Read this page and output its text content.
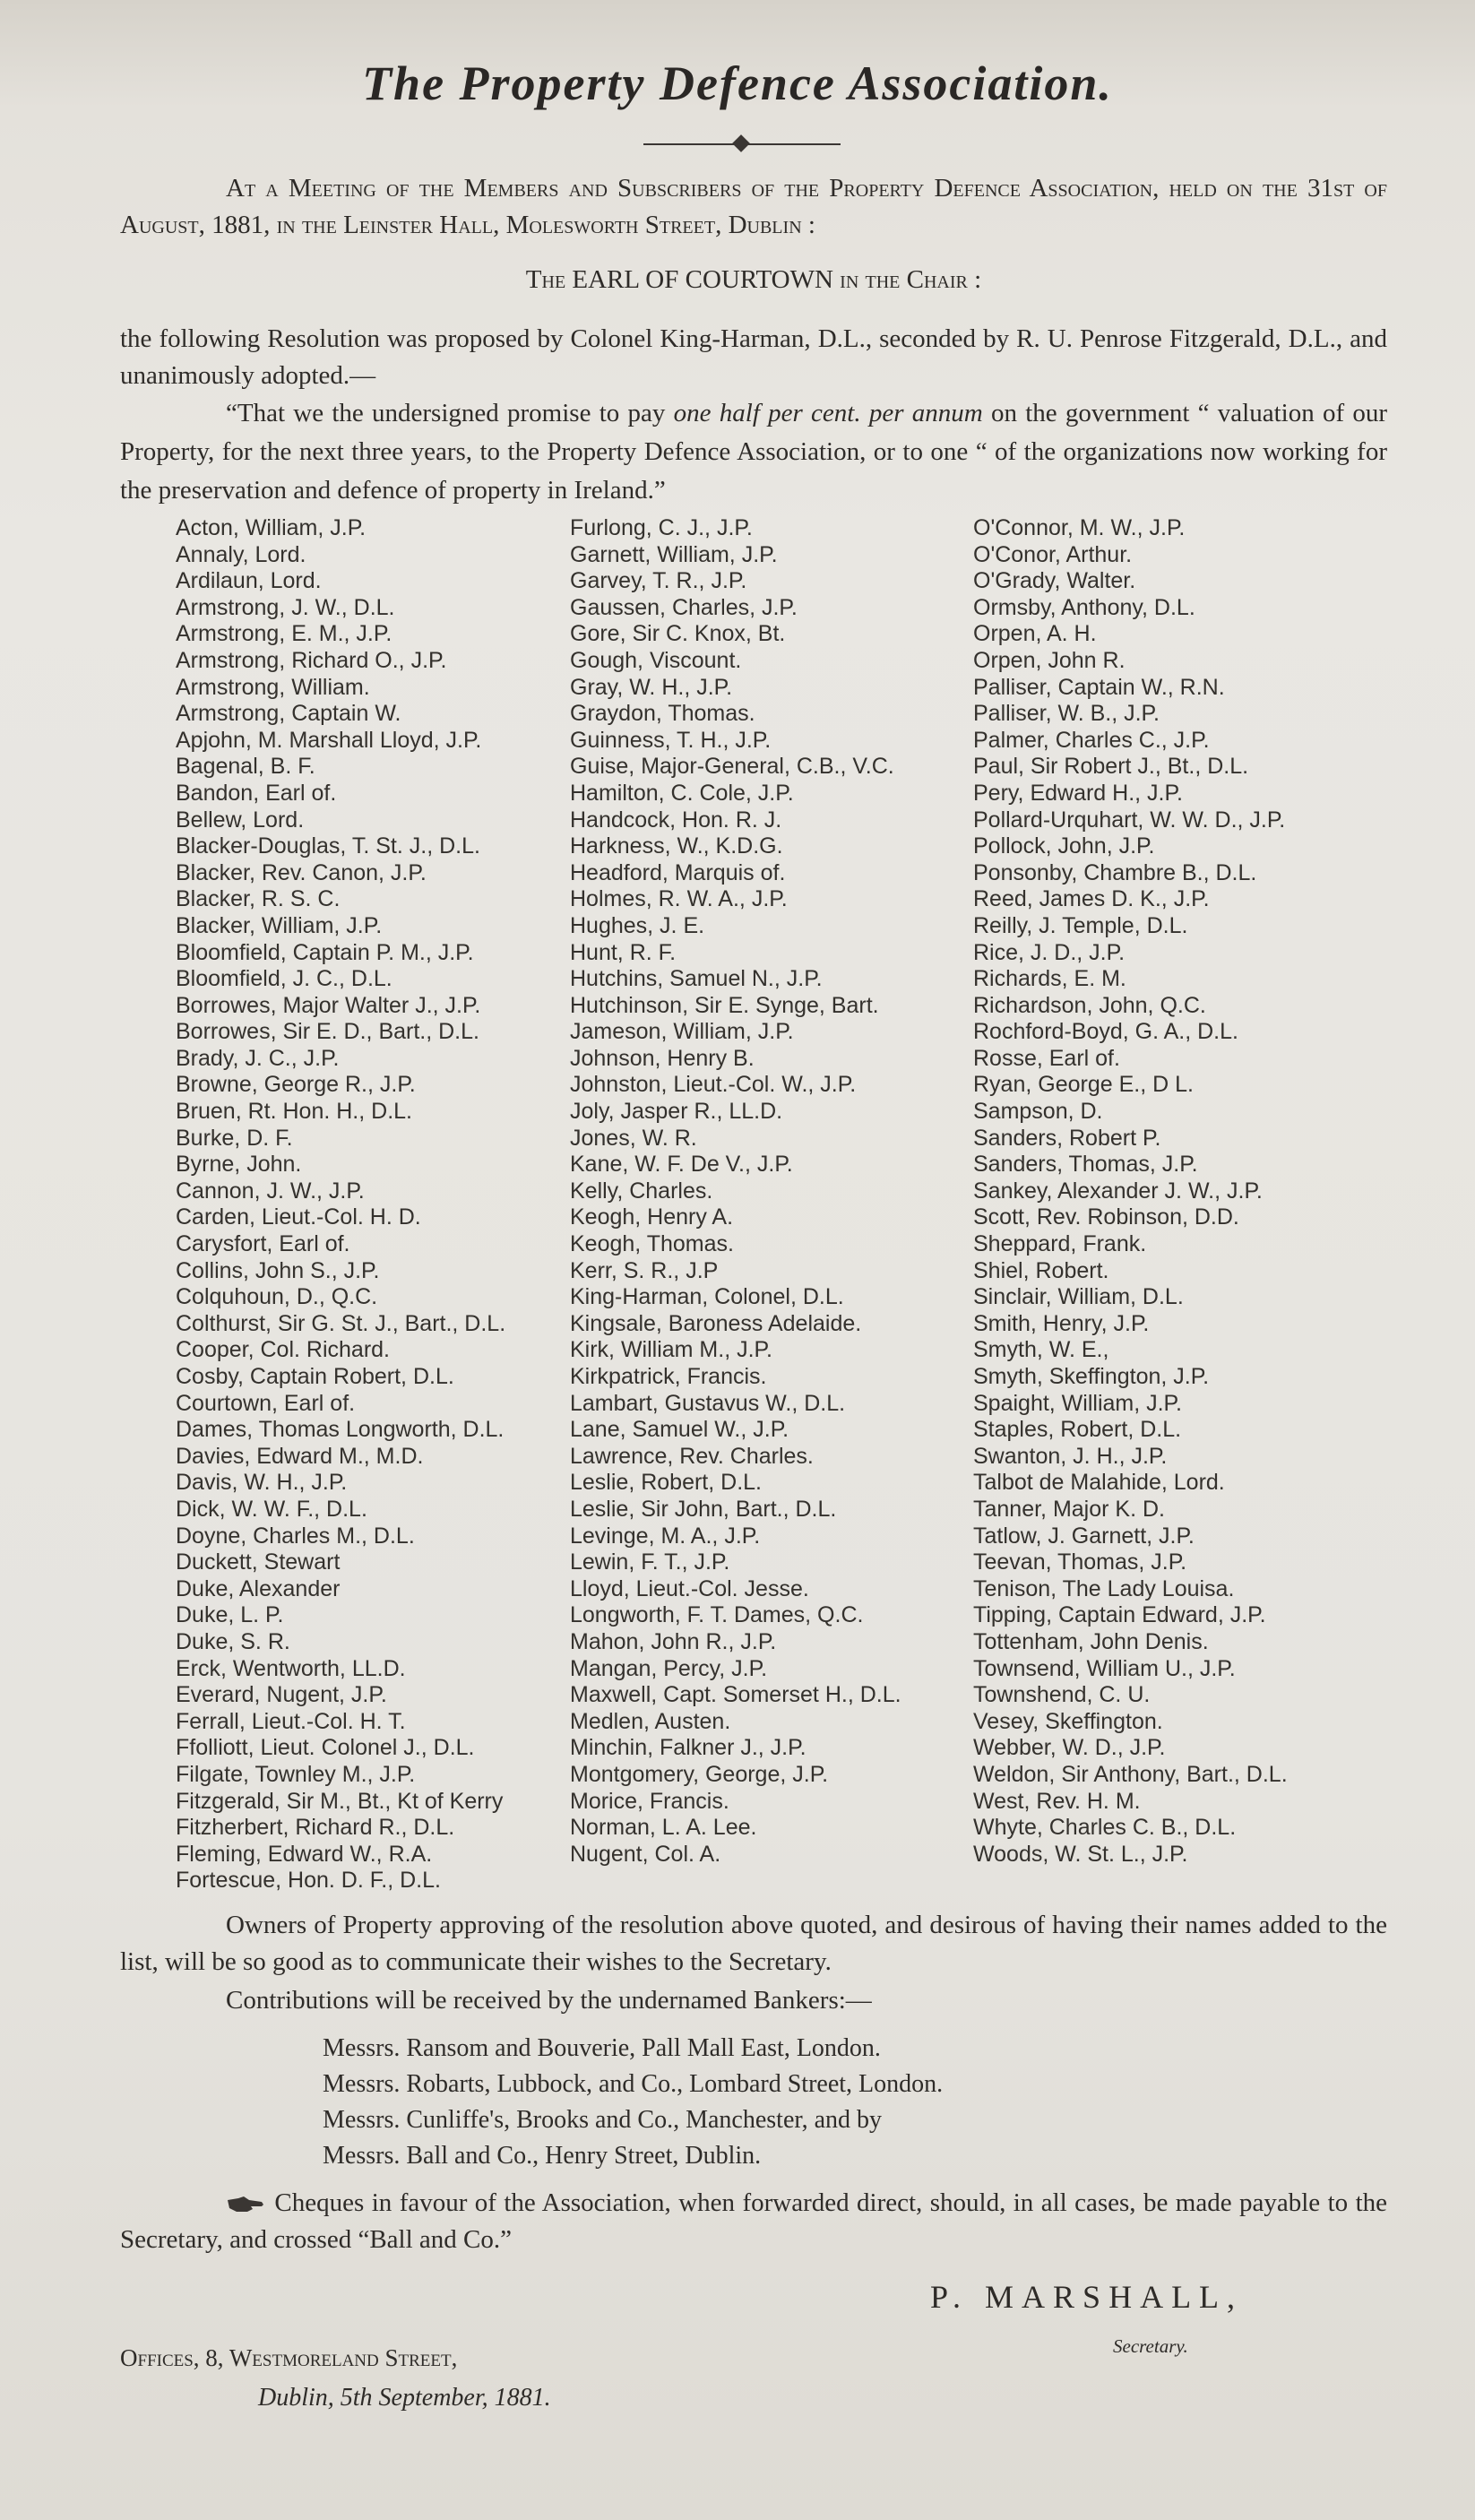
The Property Defence Association.
At a Meeting of the Members and Subscribers of the Property Defence Association, held on the 31st of August, 1881, in the Leinster Hall, Molesworth Street, Dublin :
The EARL OF COURTOWN in the Chair :
the following Resolution was proposed by Colonel King-Harman, D.L., seconded by R. U. Penrose Fitzgerald, D.L., and unanimously adopted.—
“That we the undersigned promise to pay one half per cent. per annum on the government “ valuation of our Property, for the next three years, to the Property Defence Association, or to one “ of the organizations now working for the preservation and defence of property in Ireland.”
Acton, William, J.P.
Annaly, Lord.
Ardilaun, Lord.
Armstrong, J. W., D.L.
Armstrong, E. M., J.P.
Armstrong, Richard O., J.P.
Armstrong, William.
Armstrong, Captain W.
Apjohn, M. Marshall Lloyd, J.P.
Bagenal, B. F.
Bandon, Earl of.
Bellew, Lord.
Blacker-Douglas, T. St. J., D.L.
Blacker, Rev. Canon, J.P.
Blacker, R. S. C.
Blacker, William, J.P.
Bloomfield, Captain P. M., J.P.
Bloomfield, J. C., D.L.
Borrowes, Major Walter J., J.P.
Borrowes, Sir E. D., Bart., D.L.
Brady, J. C., J.P.
Browne, George R., J.P.
Bruen, Rt. Hon. H., D.L.
Burke, D. F.
Byrne, John.
Cannon, J. W., J.P.
Carden, Lieut.-Col. H. D.
Carysfort, Earl of.
Collins, John S., J.P.
Colquhoun, D., Q.C.
Colthurst, Sir G. St. J., Bart., D.L.
Cooper, Col. Richard.
Cosby, Captain Robert, D.L.
Courtown, Earl of.
Dames, Thomas Longworth, D.L.
Davies, Edward M., M.D.
Davis, W. H., J.P.
Dick, W. W. F., D.L.
Doyne, Charles M., D.L.
Duckett, Stewart
Duke, Alexander
Duke, L. P.
Duke, S. R.
Erck, Wentworth, LL.D.
Everard, Nugent, J.P.
Ferrall, Lieut.-Col. H. T.
Ffolliott, Lieut. Colonel J., D.L.
Filgate, Townley M., J.P.
Fitzgerald, Sir M., Bt., Kt of Kerry
Fitzherbert, Richard R., D.L.
Fleming, Edward W., R.A.
Fortescue, Hon. D. F., D.L.
Furlong, C. J., J.P.
Garnett, William, J.P.
Garvey, T. R., J.P.
Gaussen, Charles, J.P.
Gore, Sir C. Knox, Bt.
Gough, Viscount.
Gray, W. H., J.P.
Graydon, Thomas.
Guinness, T. H., J.P.
Guise, Major-General, C.B., V.C.
Hamilton, C. Cole, J.P.
Handcock, Hon. R. J.
Harkness, W., K.D.G.
Headford, Marquis of.
Holmes, R. W. A., J.P.
Hughes, J. E.
Hunt, R. F.
Hutchins, Samuel N., J.P.
Hutchinson, Sir E. Synge, Bart.
Jameson, William, J.P.
Johnson, Henry B.
Johnston, Lieut.-Col. W., J.P.
Joly, Jasper R., LL.D.
Jones, W. R.
Kane, W. F. De V., J.P.
Kelly, Charles.
Keogh, Henry A.
Keogh, Thomas.
Kerr, S. R., J.P
King-Harman, Colonel, D.L.
Kingsale, Baroness Adelaide.
Kirk, William M., J.P.
Kirkpatrick, Francis.
Lambart, Gustavus W., D.L.
Lane, Samuel W., J.P.
Lawrence, Rev. Charles.
Leslie, Robert, D.L.
Leslie, Sir John, Bart., D.L.
Levinge, M. A., J.P.
Lewin, F. T., J.P.
Lloyd, Lieut.-Col. Jesse.
Longworth, F. T. Dames, Q.C.
Mahon, John R., J.P.
Mangan, Percy, J.P.
Maxwell, Capt. Somerset H., D.L.
Medlen, Austen.
Minchin, Falkner J., J.P.
Montgomery, George, J.P.
Morice, Francis.
Norman, L. A. Lee.
Nugent, Col. A.
O'Connor, M. W., J.P.
O'Conor, Arthur.
O'Grady, Walter.
Ormsby, Anthony, D.L.
Orpen, A. H.
Orpen, John R.
Palliser, Captain W., R.N.
Palliser, W. B., J.P.
Palmer, Charles C., J.P.
Paul, Sir Robert J., Bt., D.L.
Pery, Edward H., J.P.
Pollard-Urquhart, W. W. D., J.P.
Pollock, John, J.P.
Ponsonby, Chambre B., D.L.
Reed, James D. K., J.P.
Reilly, J. Temple, D.L.
Rice, J. D., J.P.
Richards, E. M.
Richardson, John, Q.C.
Rochford-Boyd, G. A., D.L.
Rosse, Earl of.
Ryan, George E., D L.
Sampson, D.
Sanders, Robert P.
Sanders, Thomas, J.P.
Sankey, Alexander J. W., J.P.
Scott, Rev. Robinson, D.D.
Sheppard, Frank.
Shiel, Robert.
Sinclair, William, D.L.
Smith, Henry, J.P.
Smyth, W. E.,
Smyth, Skeffington, J.P.
Spaight, William, J.P.
Staples, Robert, D.L.
Swanton, J. H., J.P.
Talbot de Malahide, Lord.
Tanner, Major K. D.
Tatlow, J. Garnett, J.P.
Teevan, Thomas, J.P.
Tenison, The Lady Louisa.
Tipping, Captain Edward, J.P.
Tottenham, John Denis.
Townsend, William U., J.P.
Townshend, C. U.
Vesey, Skeffington.
Webber, W. D., J.P.
Weldon, Sir Anthony, Bart., D.L.
West, Rev. H. M.
Whyte, Charles C. B., D.L.
Woods, W. St. L., J.P.
Owners of Property approving of the resolution above quoted, and desirous of having their names added to the list, will be so good as to communicate their wishes to the Secretary.
Contributions will be received by the undernamed Bankers:—
Messrs. Ransom and Bouverie, Pall Mall East, London.
Messrs. Robarts, Lubbock, and Co., Lombard Street, London.
Messrs. Cunliffe's, Brooks and Co., Manchester, and by
Messrs. Ball and Co., Henry Street, Dublin.
Cheques in favour of the Association, when forwarded direct, should, in all cases, be made payable to the Secretary, and crossed “Ball and Co.”
P. MARSHALL,
Secretary.
Offices, 8, Westmoreland Street,
Dublin, 5th September, 1881.
